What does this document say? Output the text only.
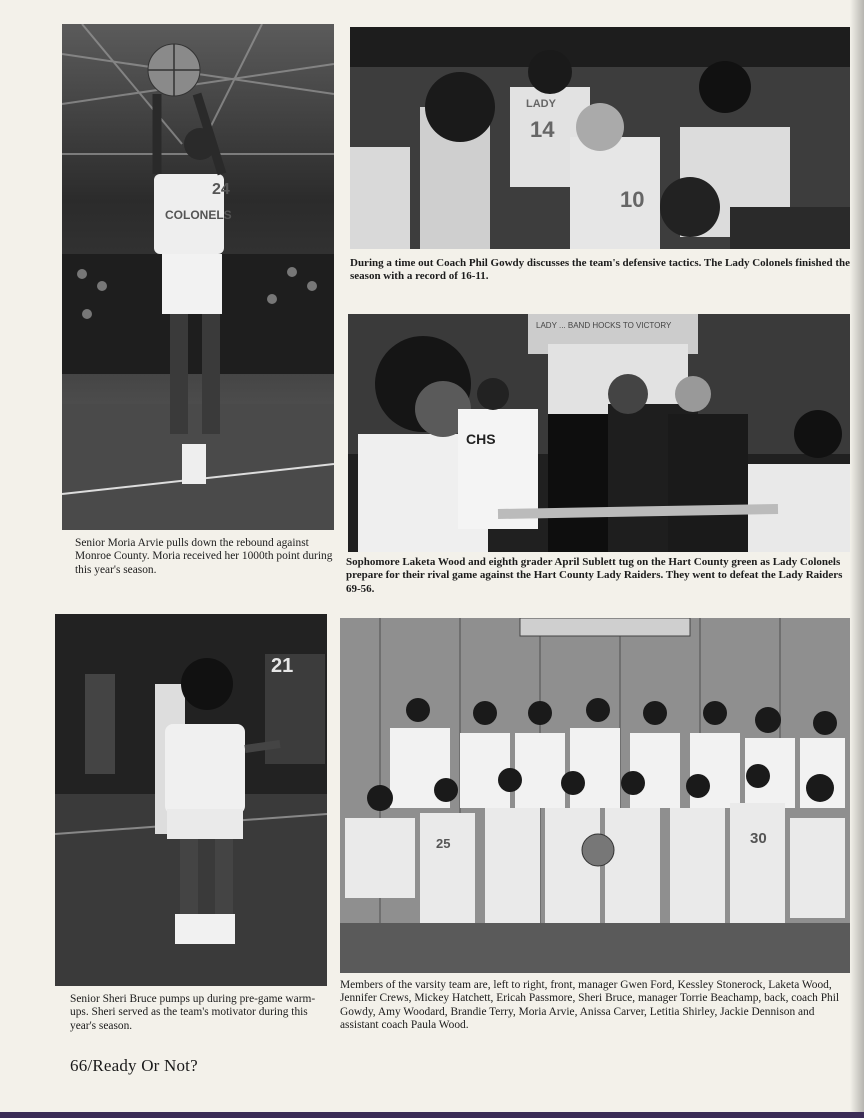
24
COLONELS
14
10
LADY
LADY ... BAND HOCKS TO VICTORY
CHS
21
25	30
Senior Moria Arvie pulls down the rebound against Monroe County. Moria received her 1000th point during this year's season.
During a time out Coach Phil Gowdy discusses the team's defensive tactics. The Lady Colonels finished the season with a record of 16-11.
Sophomore Laketa Wood and eighth grader April Sublett tug on the Hart County green as Lady Colonels prepare for their rival game against the Hart County Lady Raiders. They went to defeat the Lady Raiders 69-56.
Senior Sheri Bruce pumps up during pre-game warm-ups. Sheri served as the team's motivator during this year's season.
Members of the varsity team are, left to right, front, manager Gwen Ford, Kessley Stonerock, Laketa Wood, Jennifer Crews, Mickey Hatchett, Ericah Passmore, Sheri Bruce, manager Torrie Beachamp, back, coach Phil Gowdy, Amy Woodard, Brandie Terry, Moria Arvie, Anissa Carver, Letitia Shirley, Jackie Dennison and assistant coach Paula Wood.
66/Ready Or Not?
